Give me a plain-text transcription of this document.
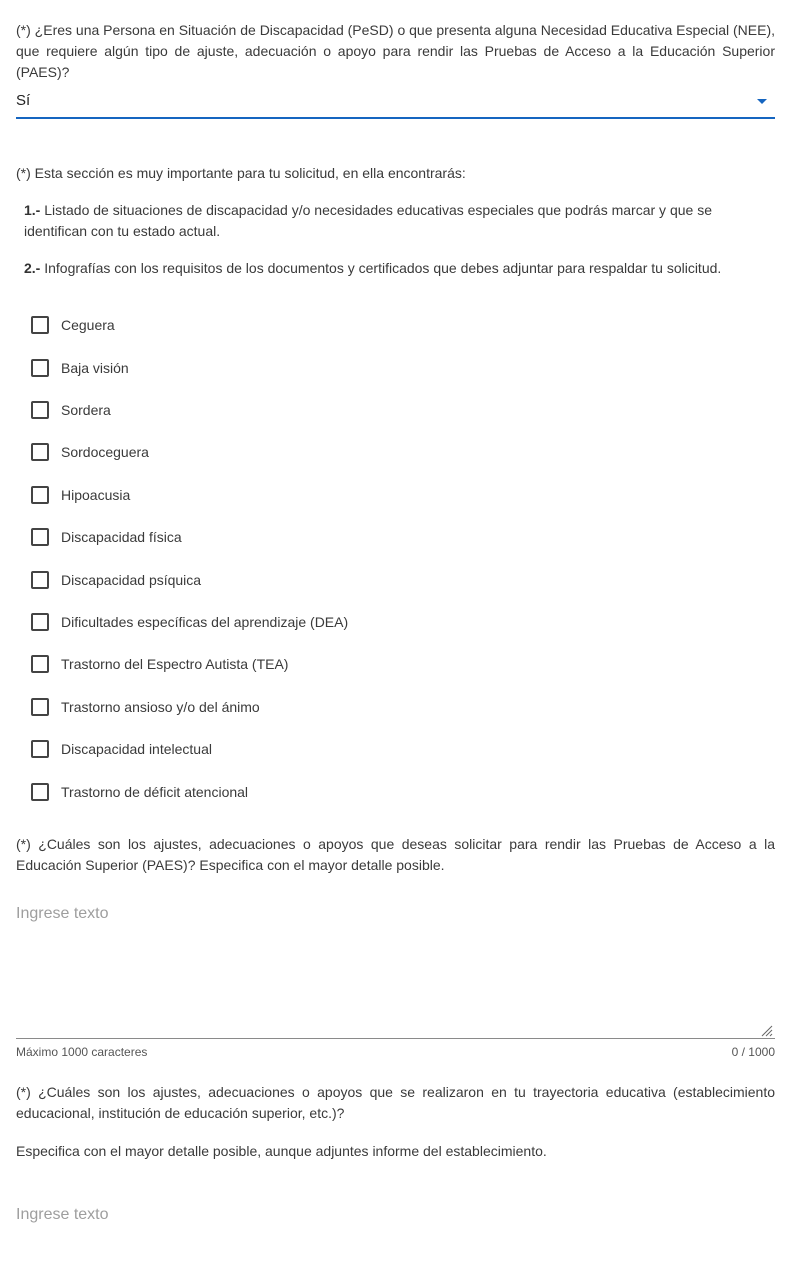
(*) ¿Eres una Persona en Situación de Discapacidad (PeSD) o que presenta alguna Necesidad Educativa Especial (NEE), que requiere algún tipo de ajuste, adecuación o apoyo para rendir las Pruebas de Acceso a la Educación Superior (PAES)?
Sí
(*) Esta sección es muy importante para tu solicitud, en ella encontrarás:
1.- Listado de situaciones de discapacidad y/o necesidades educativas especiales que podrás marcar y que se identifican con tu estado actual.
2.- Infografías con los requisitos de los documentos y certificados que debes adjuntar para respaldar tu solicitud.
Ceguera
Baja visión
Sordera
Sordoceguera
Hipoacusia
Discapacidad física
Discapacidad psíquica
Dificultades específicas del aprendizaje (DEA)
Trastorno del Espectro Autista (TEA)
Trastorno ansioso y/o del ánimo
Discapacidad intelectual
Trastorno de déficit atencional
(*) ¿Cuáles son los ajustes, adecuaciones o apoyos que deseas solicitar para rendir las Pruebas de Acceso a la Educación Superior (PAES)? Especifica con el mayor detalle posible.
Ingrese texto
Máximo 1000 caracteres	0 / 1000
(*) ¿Cuáles son los ajustes, adecuaciones o apoyos que se realizaron en tu trayectoria educativa (establecimiento educacional, institución de educación superior, etc.)?
Especifica con el mayor detalle posible, aunque adjuntes informe del establecimiento.
Ingrese texto
